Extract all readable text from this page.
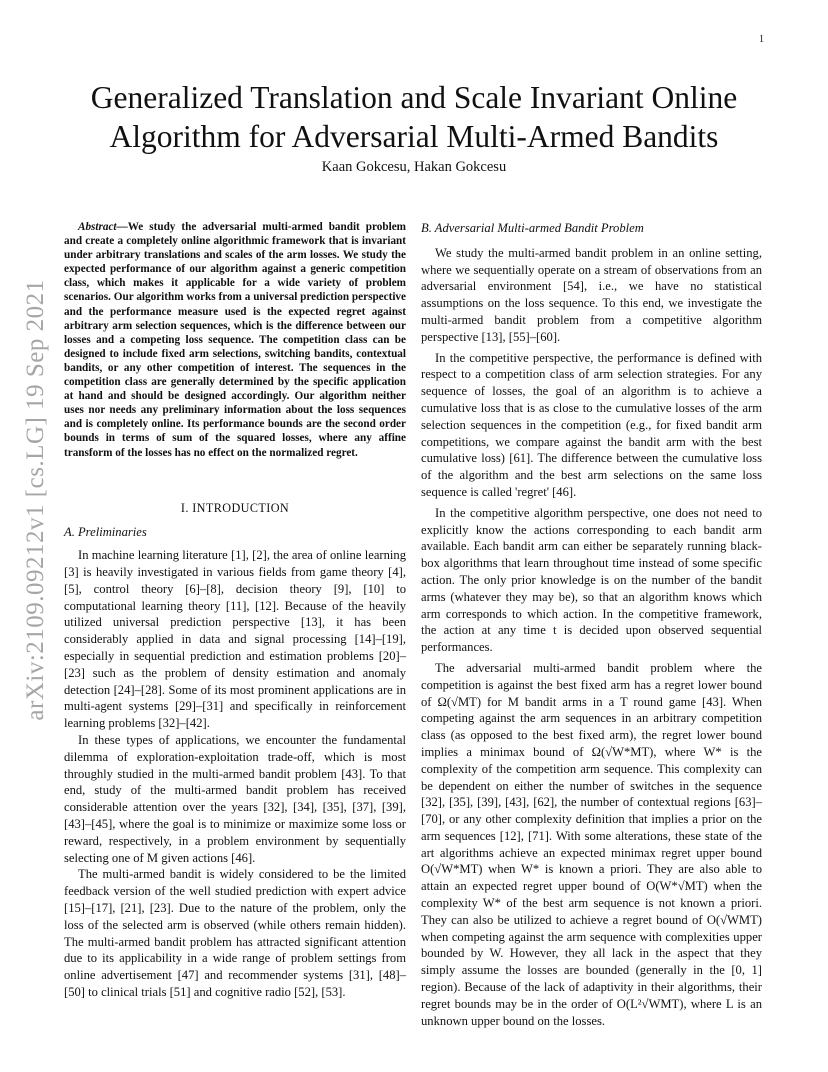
1
arXiv:2109.09212v1 [cs.LG] 19 Sep 2021
Generalized Translation and Scale Invariant Online Algorithm for Adversarial Multi-Armed Bandits
Kaan Gokcesu, Hakan Gokcesu

Abstract—We study the adversarial multi-armed bandit problem and create a completely online algorithmic framework that is invariant under arbitrary translations and scales of the arm losses. We study the expected performance of our algorithm against a generic competition class, which makes it applicable for a wide variety of problem scenarios. Our algorithm works from a universal prediction perspective and the performance measure used is the expected regret against arbitrary arm selection sequences, which is the difference between our losses and a competing loss sequence. The competition class can be designed to include fixed arm selections, switching bandits, contextual bandits, or any other competition of interest. The sequences in the competition class are generally determined by the specific application at hand and should be designed accordingly. Our algorithm neither uses nor needs any preliminary information about the loss sequences and is completely online. Its performance bounds are the second order bounds in terms of sum of the squared losses, where any affine transform of the losses has no effect on the normalized regret.

I. INTRODUCTION
A. Preliminaries

In machine learning literature [1], [2], the area of online learning [3] is heavily investigated in various fields from game theory [4], [5], control theory [6]–[8], decision theory [9], [10] to computational learning theory [11], [12]. Because of the heavily utilized universal prediction perspective [13], it has been considerably applied in data and signal processing [14]–[19], especially in sequential prediction and estimation problems [20]–[23] such as the problem of density estimation and anomaly detection [24]–[28]. Some of its most prominent applications are in multi-agent systems [29]–[31] and specifically in reinforcement learning problems [32]–[42].

In these types of applications, we encounter the fundamental dilemma of exploration-exploitation trade-off, which is most throughly studied in the multi-armed bandit problem [43]. To that end, study of the multi-armed bandit problem has received considerable attention over the years [32], [34], [35], [37], [39], [43]–[45], where the goal is to minimize or maximize some loss or reward, respectively, in a problem environment by sequentially selecting one of M given actions [46].

The multi-armed bandit is widely considered to be the limited feedback version of the well studied prediction with expert advice [15]–[17], [21], [23]. Due to the nature of the problem, only the loss of the selected arm is observed (while others remain hidden). The multi-armed bandit problem has attracted significant attention due to its applicability in a wide range of problem settings from online advertisement [47] and recommender systems [31], [48]–[50] to clinical trials [51] and cognitive radio [52], [53].

B. Adversarial Multi-armed Bandit Problem

We study the multi-armed bandit problem in an online setting, where we sequentially operate on a stream of observations from an adversarial environment [54], i.e., we have no statistical assumptions on the loss sequence. To this end, we investigate the multi-armed bandit problem from a competitive algorithm perspective [13], [55]–[60].

In the competitive perspective, the performance is defined with respect to a competition class of arm selection strategies. For any sequence of losses, the goal of an algorithm is to achieve a cumulative loss that is as close to the cumulative losses of the arm selection sequences in the competition (e.g., for fixed bandit arm competitions, we compare against the bandit arm with the best cumulative loss) [61]. The difference between the cumulative loss of the algorithm and the best arm selections on the same loss sequence is called 'regret' [46].

In the competitive algorithm perspective, one does not need to explicitly know the actions corresponding to each bandit arm available. Each bandit arm can either be separately running black-box algorithms that learn throughout time instead of some specific action. The only prior knowledge is on the number of the bandit arms (whatever they may be), so that an algorithm knows which arm corresponds to which action. In the competitive framework, the action at any time t is decided upon observed sequential performances.

The adversarial multi-armed bandit problem where the competition is against the best fixed arm has a regret lower bound of Ω(√MT) for M bandit arms in a T round game [43]. When competing against the arm sequences in an arbitrary competition class (as opposed to the best fixed arm), the regret lower bound implies a minimax bound of Ω(√W*MT), where W* is the complexity of the competition arm sequence. This complexity can be dependent on either the number of switches in the sequence [32], [35], [39], [43], [62], the number of contextual regions [63]–[70], or any other complexity definition that implies a prior on the arm sequences [12], [71]. With some alterations, these state of the art algorithms achieve an expected minimax regret upper bound O(√W*MT) when W* is known a priori. They are also able to attain an expected regret upper bound of O(W*√MT) when the complexity W* of the best arm sequence is not known a priori. They can also be utilized to achieve a regret bound of O(√WMT) when competing against the arm sequence with complexities upper bounded by W. However, they all lack in the aspect that they simply assume the losses are bounded (generally in the [0, 1] region). Because of the lack of adaptivity in their algorithms, their regret bounds may be in the order of O(L²√WMT), where L is an unknown upper bound on the losses.
